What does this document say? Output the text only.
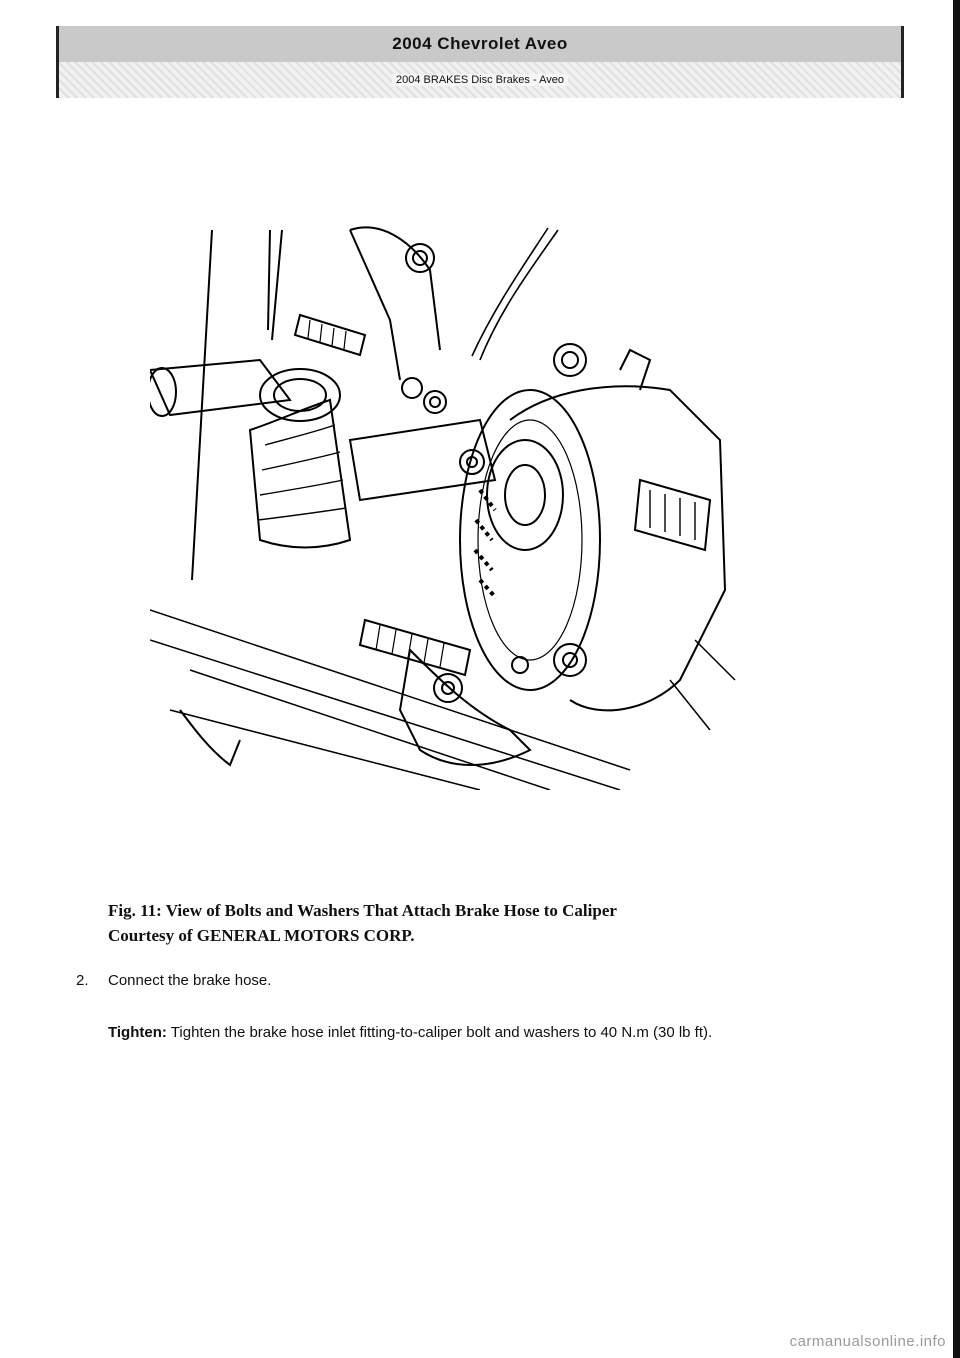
2004 Chevrolet Aveo
2004 BRAKES Disc Brakes - Aveo
Fig. 11: View of Bolts and Washers That Attach Brake Hose to Caliper
Courtesy of GENERAL MOTORS CORP.
2.	Connect the brake hose.
Tighten: Tighten the brake hose inlet fitting-to-caliper bolt and washers to 40 N.m (30 lb ft).
carmanualsonline.info
